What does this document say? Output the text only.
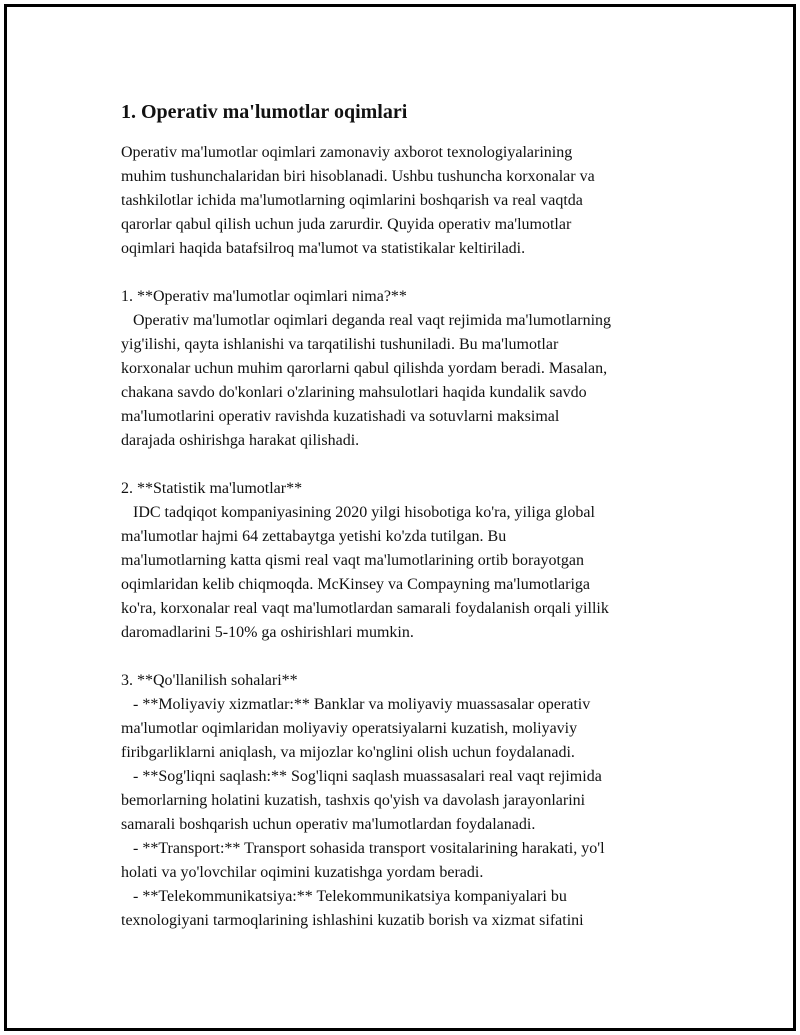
1. Operativ ma'lumotlar oqimlari
Operativ ma'lumotlar oqimlari zamonaviy axborot texnologiyalarining
muhim tushunchalaridan biri hisoblanadi. Ushbu tushuncha korxonalar va
tashkilotlar ichida ma'lumotlarning oqimlarini boshqarish va real vaqtda
qarorlar qabul qilish uchun juda zarurdir. Quyida operativ ma'lumotlar
oqimlari haqida batafsilroq ma'lumot va statistikalar keltiriladi.
1. **Operativ ma'lumotlar oqimlari nima?**
Operativ ma'lumotlar oqimlari deganda real vaqt rejimida ma'lumotlarning
yig'ilishi, qayta ishlanishi va tarqatilishi tushuniladi. Bu ma'lumotlar
korxonalar uchun muhim qarorlarni qabul qilishda yordam beradi. Masalan,
chakana savdo do'konlari o'zlarining mahsulotlari haqida kundalik savdo
ma'lumotlarini operativ ravishda kuzatishadi va sotuvlarni maksimal
darajada oshirishga harakat qilishadi.
2. **Statistik ma'lumotlar**
IDC tadqiqot kompaniyasining 2020 yilgi hisobotiga ko'ra, yiliga global
ma'lumotlar hajmi 64 zettabaytga yetishi ko'zda tutilgan. Bu
ma'lumotlarning katta qismi real vaqt ma'lumotlarining ortib borayotgan
oqimlaridan kelib chiqmoqda. McKinsey va Compayning ma'lumotlariga
ko'ra, korxonalar real vaqt ma'lumotlardan samarali foydalanish orqali yillik
daromadlarini 5-10% ga oshirishlari mumkin.
3. **Qo'llanilish sohalari**
- **Moliyaviy xizmatlar:** Banklar va moliyaviy muassasalar operativ
ma'lumotlar oqimlaridan moliyaviy operatsiyalarni kuzatish, moliyaviy
firibgarliklarni aniqlash, va mijozlar ko'nglini olish uchun foydalanadi.
- **Sog'liqni saqlash:** Sog'liqni saqlash muassasalari real vaqt rejimida
bemorlarning holatini kuzatish, tashxis qo'yish va davolash jarayonlarini
samarali boshqarish uchun operativ ma'lumotlardan foydalanadi.
- **Transport:** Transport sohasida transport vositalarining harakati, yo'l
holati va yo'lovchilar oqimini kuzatishga yordam beradi.
- **Telekommunikatsiya:** Telekommunikatsiya kompaniyalari bu
texnologiyani tarmoqlarining ishlashini kuzatib borish va xizmat sifatini
